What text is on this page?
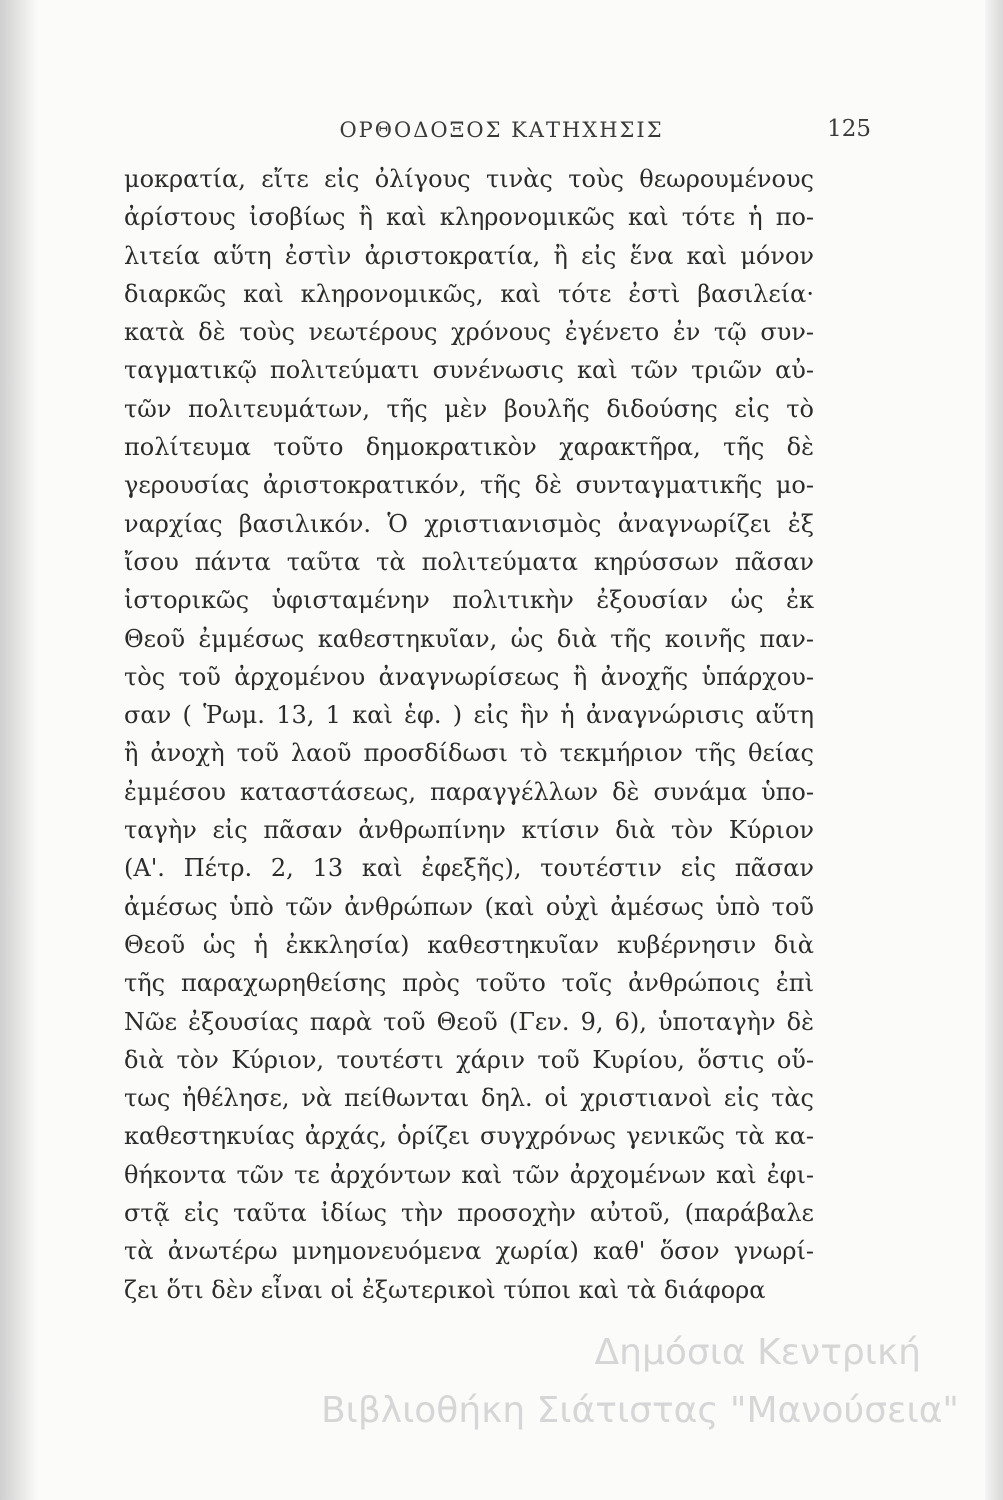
ΟΡΘΟΔΟΞΟΣ ΚΑΤΗΧΗΣΙΣ	125
μοκρατία, εἴτε εἰς ὀλίγους τινὰς τοὺς θεωρουμένους
ἀρίστους ἰσοβίως ἢ καὶ κληρονομικῶς καὶ τότε ἡ πο-
λιτεία αὕτη ἐστὶν ἀριστοκρατία, ἢ εἰς ἕνα καὶ μόνον
διαρκῶς καὶ κληρονομικῶς, καὶ τότε ἐστὶ βασιλεία·
κατὰ δὲ τοὺς νεωτέρους χρόνους ἐγένετο ἐν τῷ συν-
ταγματικῷ πολιτεύματι συνένωσις καὶ τῶν τριῶν αὐ-
τῶν πολιτευμάτων, τῆς μὲν βουλῆς διδούσης εἰς τὸ
πολίτευμα τοῦτο δημοκρατικὸν χαρακτῆρα, τῆς δὲ
γερουσίας ἀριστοκρατικόν, τῆς δὲ συνταγματικῆς μο-
ναρχίας βασιλικόν. Ὁ χριστιανισμὸς ἀναγνωρίζει ἐξ
ἴσου πάντα ταῦτα τὰ πολιτεύματα κηρύσσων πᾶσαν
ἱστορικῶς ὑφισταμένην πολιτικὴν ἐξουσίαν ὡς ἐκ
Θεοῦ ἐμμέσως καθεστηκυῖαν, ὡς διὰ τῆς κοινῆς παν-
τὸς τοῦ ἀρχομένου ἀναγνωρίσεως ἢ ἀνοχῆς ὑπάρχου-
σαν ( Ῥωμ. 13, 1 καὶ ἑφ. ) εἰς ἣν ἡ ἀναγνώρισις αὕτη
ἢ ἀνοχὴ τοῦ λαοῦ προσδίδωσι τὸ τεκμήριον τῆς θείας
ἐμμέσου καταστάσεως, παραγγέλλων δὲ συνάμα ὑπο-
ταγὴν εἰς πᾶσαν ἀνθρωπίνην κτίσιν διὰ τὸν Κύριον
(Α'. Πέτρ. 2, 13 καὶ ἐφεξῆς), τουτέστιν εἰς πᾶσαν
ἀμέσως ὑπὸ τῶν ἀνθρώπων (καὶ οὐχὶ ἀμέσως ὑπὸ τοῦ
Θεοῦ ὡς ἡ ἐκκλησία) καθεστηκυῖαν κυβέρνησιν διὰ
τῆς παραχωρηθείσης πρὸς τοῦτο τοῖς ἀνθρώποις ἐπὶ
Νῶε ἐξουσίας παρὰ τοῦ Θεοῦ (Γεν. 9, 6), ὑποταγὴν δὲ
διὰ τὸν Κύριον, τουτέστι χάριν τοῦ Κυρίου, ὅστις οὕ-
τως ἠθέλησε, νὰ πείθωνται δηλ. οἱ χριστιανοὶ εἰς τὰς
καθεστηκυίας ἀρχάς, ὁρίζει συγχρόνως γενικῶς τὰ κα-
θήκοντα τῶν τε ἀρχόντων καὶ τῶν ἀρχομένων καὶ ἐφι-
στᾷ εἰς ταῦτα ἰδίως τὴν προσοχὴν αὐτοῦ, (παράβαλε
τὰ ἀνωτέρω μνημονευόμενα χωρία) καθ' ὅσον γνωρί-
ζει ὅτι δὲν εἶναι οἱ ἐξωτερικοὶ τύποι καὶ τὰ διάφορα
Δημόσια Κεντρική
Βιβλιοθήκη Σιάτιστας "Μανούσεια"
